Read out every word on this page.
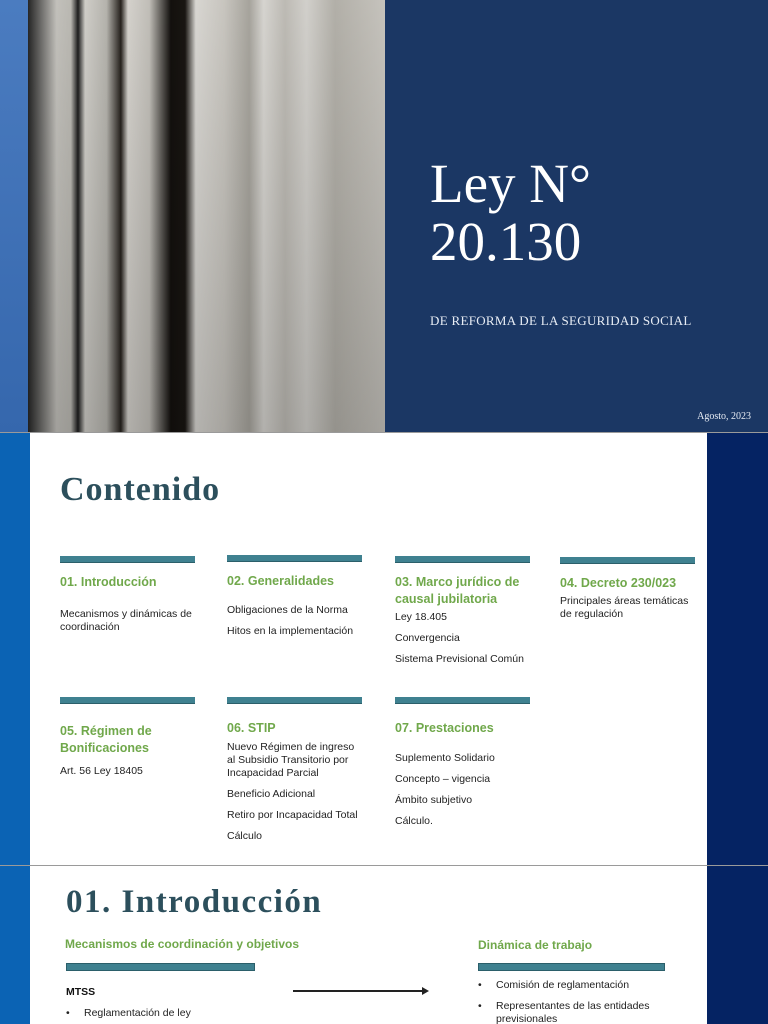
Ley N°
20.130
DE REFORMA DE LA SEGURIDAD SOCIAL
Agosto, 2023
Contenido
01. Introducción
Mecanismos y dinámicas de coordinación
02. Generalidades
Obligaciones de la Norma
Hitos en la implementación
03. Marco jurídico de causal jubilatoria
Ley 18.405
Convergencia
Sistema Previsional Común
04. Decreto 230/023
Principales áreas temáticas de regulación
05. Régimen de Bonificaciones
Art. 56 Ley 18405
06. STIP
Nuevo Régimen de ingreso al Subsidio Transitorio por Incapacidad Parcial
Beneficio Adicional
Retiro por Incapacidad Total
Cálculo
07. Prestaciones
Suplemento Solidario
Concepto – vigencia
Ámbito subjetivo
Cálculo.
01. Introducción
Mecanismos de coordinación y objetivos
MTSS
• Reglamentación de ley
Dinámica de trabajo
• Comisión de reglamentación
• Representantes de las entidades previsionales
